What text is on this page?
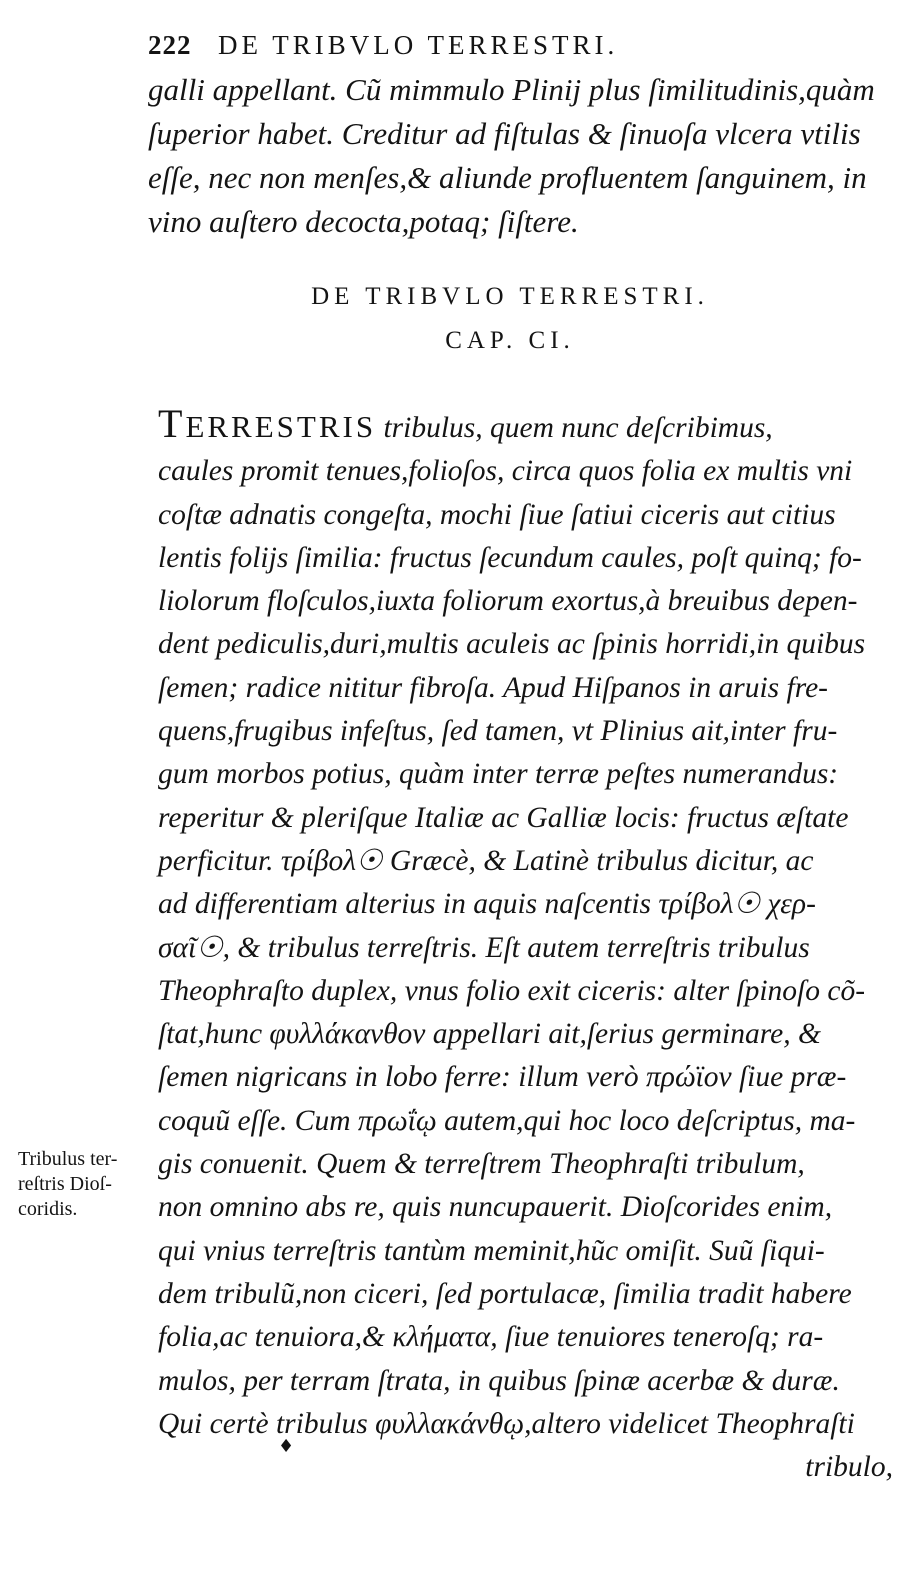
222 DE TRIBVLO TERRESTRI.
galli appellant. Cũ mimmulo Plinij plus ſimilitudinis,quàm
ſuperior habet. Creditur ad fiſtulas & ſinuoſa vlcera vtilis
eſſe, nec non menſes,& aliunde profluentem ſanguinem, in
vino auſtero decocta,potaq; ſiſtere.
DE TRIBVLO TERRESTRI.
CAP. CI.
TERRESTRIS tribulus, quem nunc deſcribimus,
caules promit tenues,folioſos, circa quos folia ex multis vni
coſtæ adnatis congeſta, mochi ſiue ſatiui ciceris aut citius
lentis folijs ſimilia: fructus ſecundum caules, poſt quinq; fo-
liolorum floſculos,iuxta foliorum exortus,à breuibus depen-
dent pediculis,duri,multis aculeis ac ſpinis horridi,in quibus
ſemen; radice nititur fibroſa. Apud Hiſpanos in aruis fre-
quens,frugibus infeſtus, ſed tamen, vt Plinius ait,inter fru-
gum morbos potius, quàm inter terræ peſtes numerandus:
reperitur & pleriſque Italiæ ac Galliæ locis: fructus æſtate
perficitur. τρίβολ☉ Græcè, & Latinè tribulus dicitur, ac
ad differentiam alterius in aquis naſcentis τρίβολ☉ χερ-
σαῖ☉, & tribulus terreſtris. Eſt autem terreſtris tribulus
Theophraſto duplex, vnus folio exit ciceris: alter ſpinoſo cõ-
ſtat,hunc φυλλάκανθον appellari ait,ſerius germinare, &
ſemen nigricans in lobo ferre: illum verò πρώϊον ſiue præ-
coquũ eſſe. Cum πρωΐῳ autem,qui hoc loco deſcriptus, ma-
gis conuenit. Quem & terreſtrem Theophraſti tribulum,
non omnino abs re, quis nuncupauerit. Dioſcorides enim,
qui vnius terreſtris tantùm meminit,hũc omiſit. Suũ ſiqui-
dem tribulũ,non ciceri, ſed portulacæ, ſimilia tradit habere
folia,ac tenuiora,& κλήματα, ſiue tenuiores teneroſq; ra-
mulos, per terram ſtrata, in quibus ſpinæ acerbæ & duræ.
Qui certè tribulus φυλλακάνθῳ,altero videlicet Theophraſti
tribulo,
Tribulus ter-
reſtris Dioſ-
coridis.
♦
